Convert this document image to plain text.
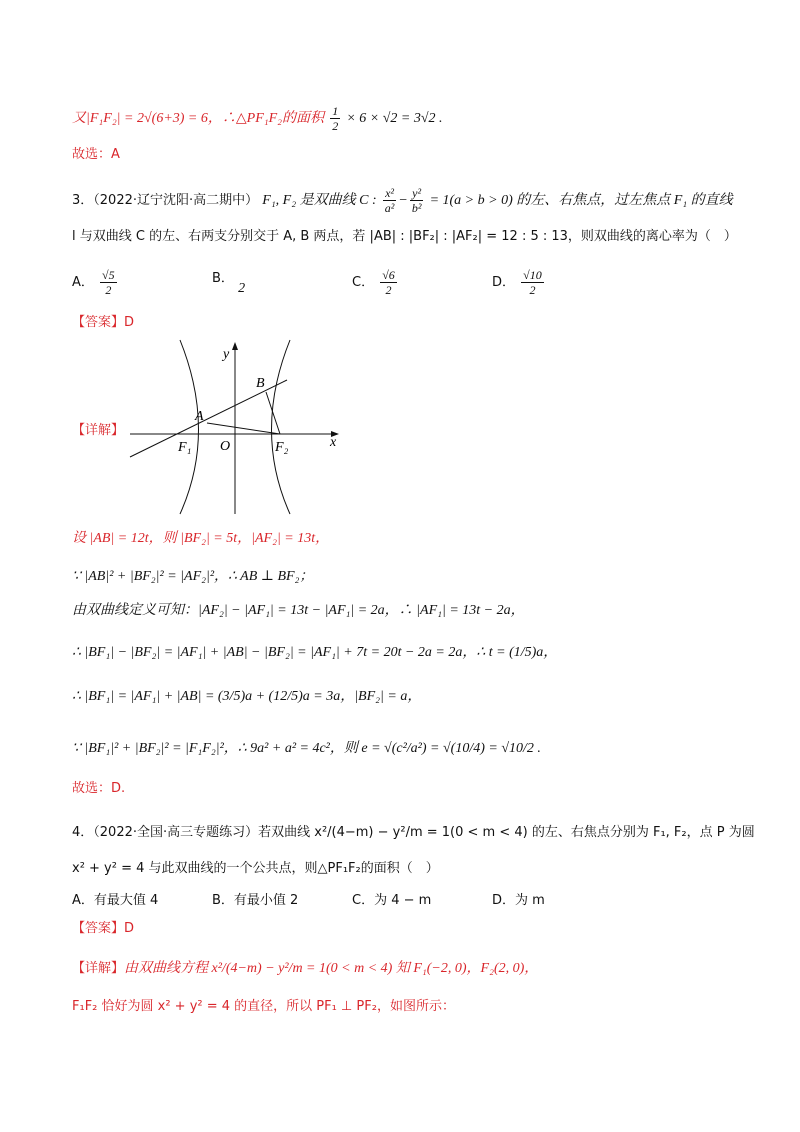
又|F₁F₂| = 2√(6+3) = 6，∴△PF₁F₂的面积 $\frac{1}{2} \times 6 \times √2 = 3√2$ .
故选：A
3．（2022·辽宁沈阳·高二期中） F₁, F₂ 是双曲线 C : $\frac{\text{x²}}{\text{a²}} - \frac{\text{y²}}{\text{b²}} = 1(a > b > 0)$ 的左、右焦点，过左焦点 F₁ 的直线
l 与双曲线 C 的左、右两支分别交于 A, B 两点，若 |AB| : |BF₂| : |AF₂| = 12 : 5 : 13，则双曲线的离心率为（　）
A． $\frac{√5}{2}$	B． 2	C． $\frac{√6}{2}$	D． $\frac{√10}{2}$
【答案】D
【详解】
y
x
A
B
O
F₁	F₂
设 |AB| = 12t，则 |BF₂| = 5t，|AF₂| = 13t，
∵ |AB|² + |BF₂|² = |AF₂|²，∴ AB ⊥ BF₂；
由双曲线定义可知：|AF₂| − |AF₁| = 13t − |AF₁| = 2a，∴ |AF₁| = 13t − 2a，
∴ |BF₁| − |BF₂| = |AF₁| + |AB| − |BF₂| = |AF₁| + 7t = 20t − 2a = 2a，∴ t = (1/5)a，
∴ |BF₁| = |AF₁| + |AB| = (3/5)a + (12/5)a = 3a，|BF₂| = a，
∵ |BF₁|² + |BF₂|² = |F₁F₂|²，∴ 9a² + a² = 4c²，则 e = √(c²/a²) = √(10/4) = √10/2 .
故选：D.
4．（2022·全国·高三专题练习）若双曲线 x²/(4−m) − y²/m = 1(0 < m < 4) 的左、右焦点分别为 F₁, F₂，点 P 为圆
x² + y² = 4 与此双曲线的一个公共点，则△PF₁F₂的面积（　）
A．有最大值 4	B．有最小值 2	C．为 4 − m	D．为 m
【答案】D
【详解】由双曲线方程 x²/(4−m) − y²/m = 1(0 < m < 4) 知 F₁(−2, 0)，F₂(2, 0)，
F₁F₂ 恰好为圆 x² + y² = 4 的直径，所以 PF₁ ⊥ PF₂，如图所示：
